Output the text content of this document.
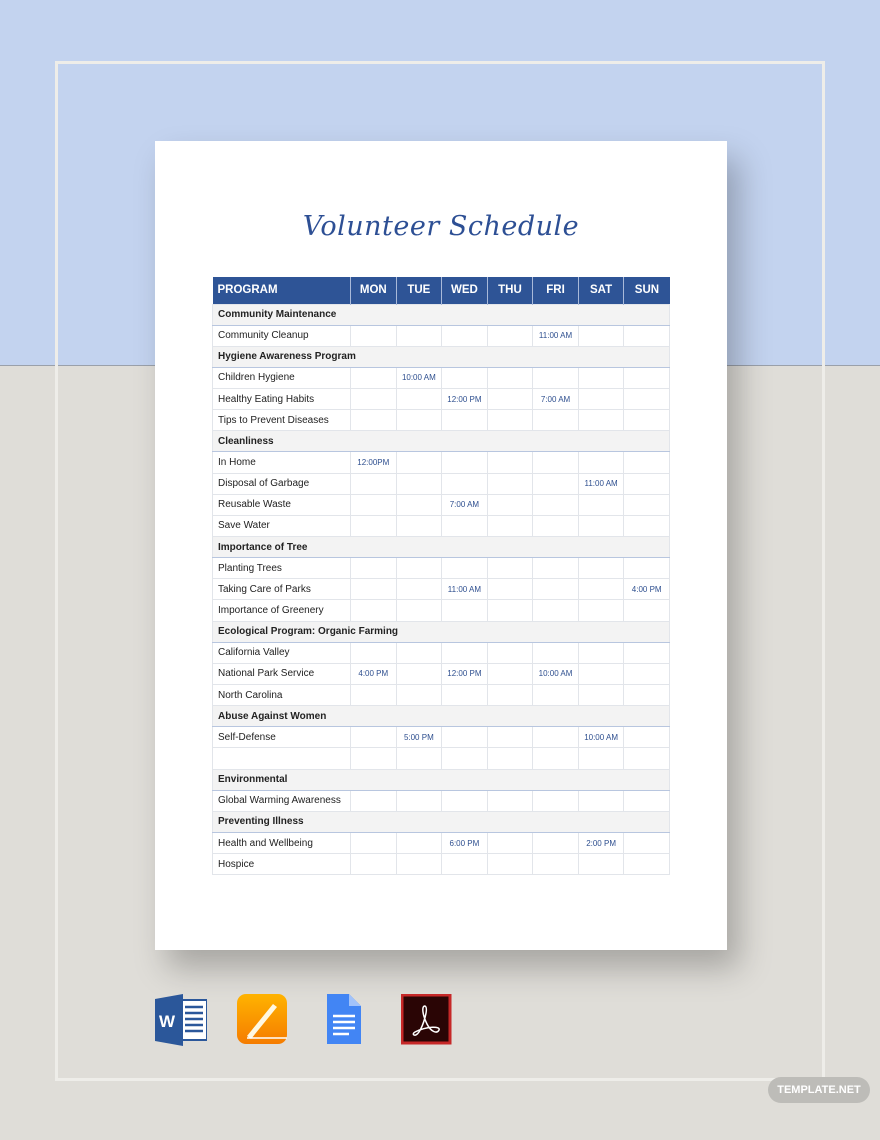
Volunteer Schedule
PROGRAM	MON	TUE	WED	THU	FRI	SAT	SUN
Community Maintenance							
Community Cleanup					11:00 AM		
Hygiene Awareness Program							
Children Hygiene		10:00 AM					
Healthy Eating Habits			12:00 PM		7:00 AM		
Tips to Prevent Diseases							
Cleanliness							
In Home	12:00PM						
Disposal of Garbage						11:00 AM	
Reusable Waste			7:00 AM				
Save Water							
Importance of Tree							
Planting Trees							
Taking Care of Parks			11:00 AM				4:00 PM
Importance of Greenery							
Ecological Program: Organic Farming							
California Valley							
National Park Service	4:00 PM		12:00 PM		10:00 AM		
North Carolina							
Abuse Against Women							
Self-Defense		5:00 PM				10:00 AM	

Environmental							
Global Warming Awareness							
Preventing Illness							
Health and Wellbeing			6:00 PM			2:00 PM	
Hospice							
W
TEMPLATE.NET
